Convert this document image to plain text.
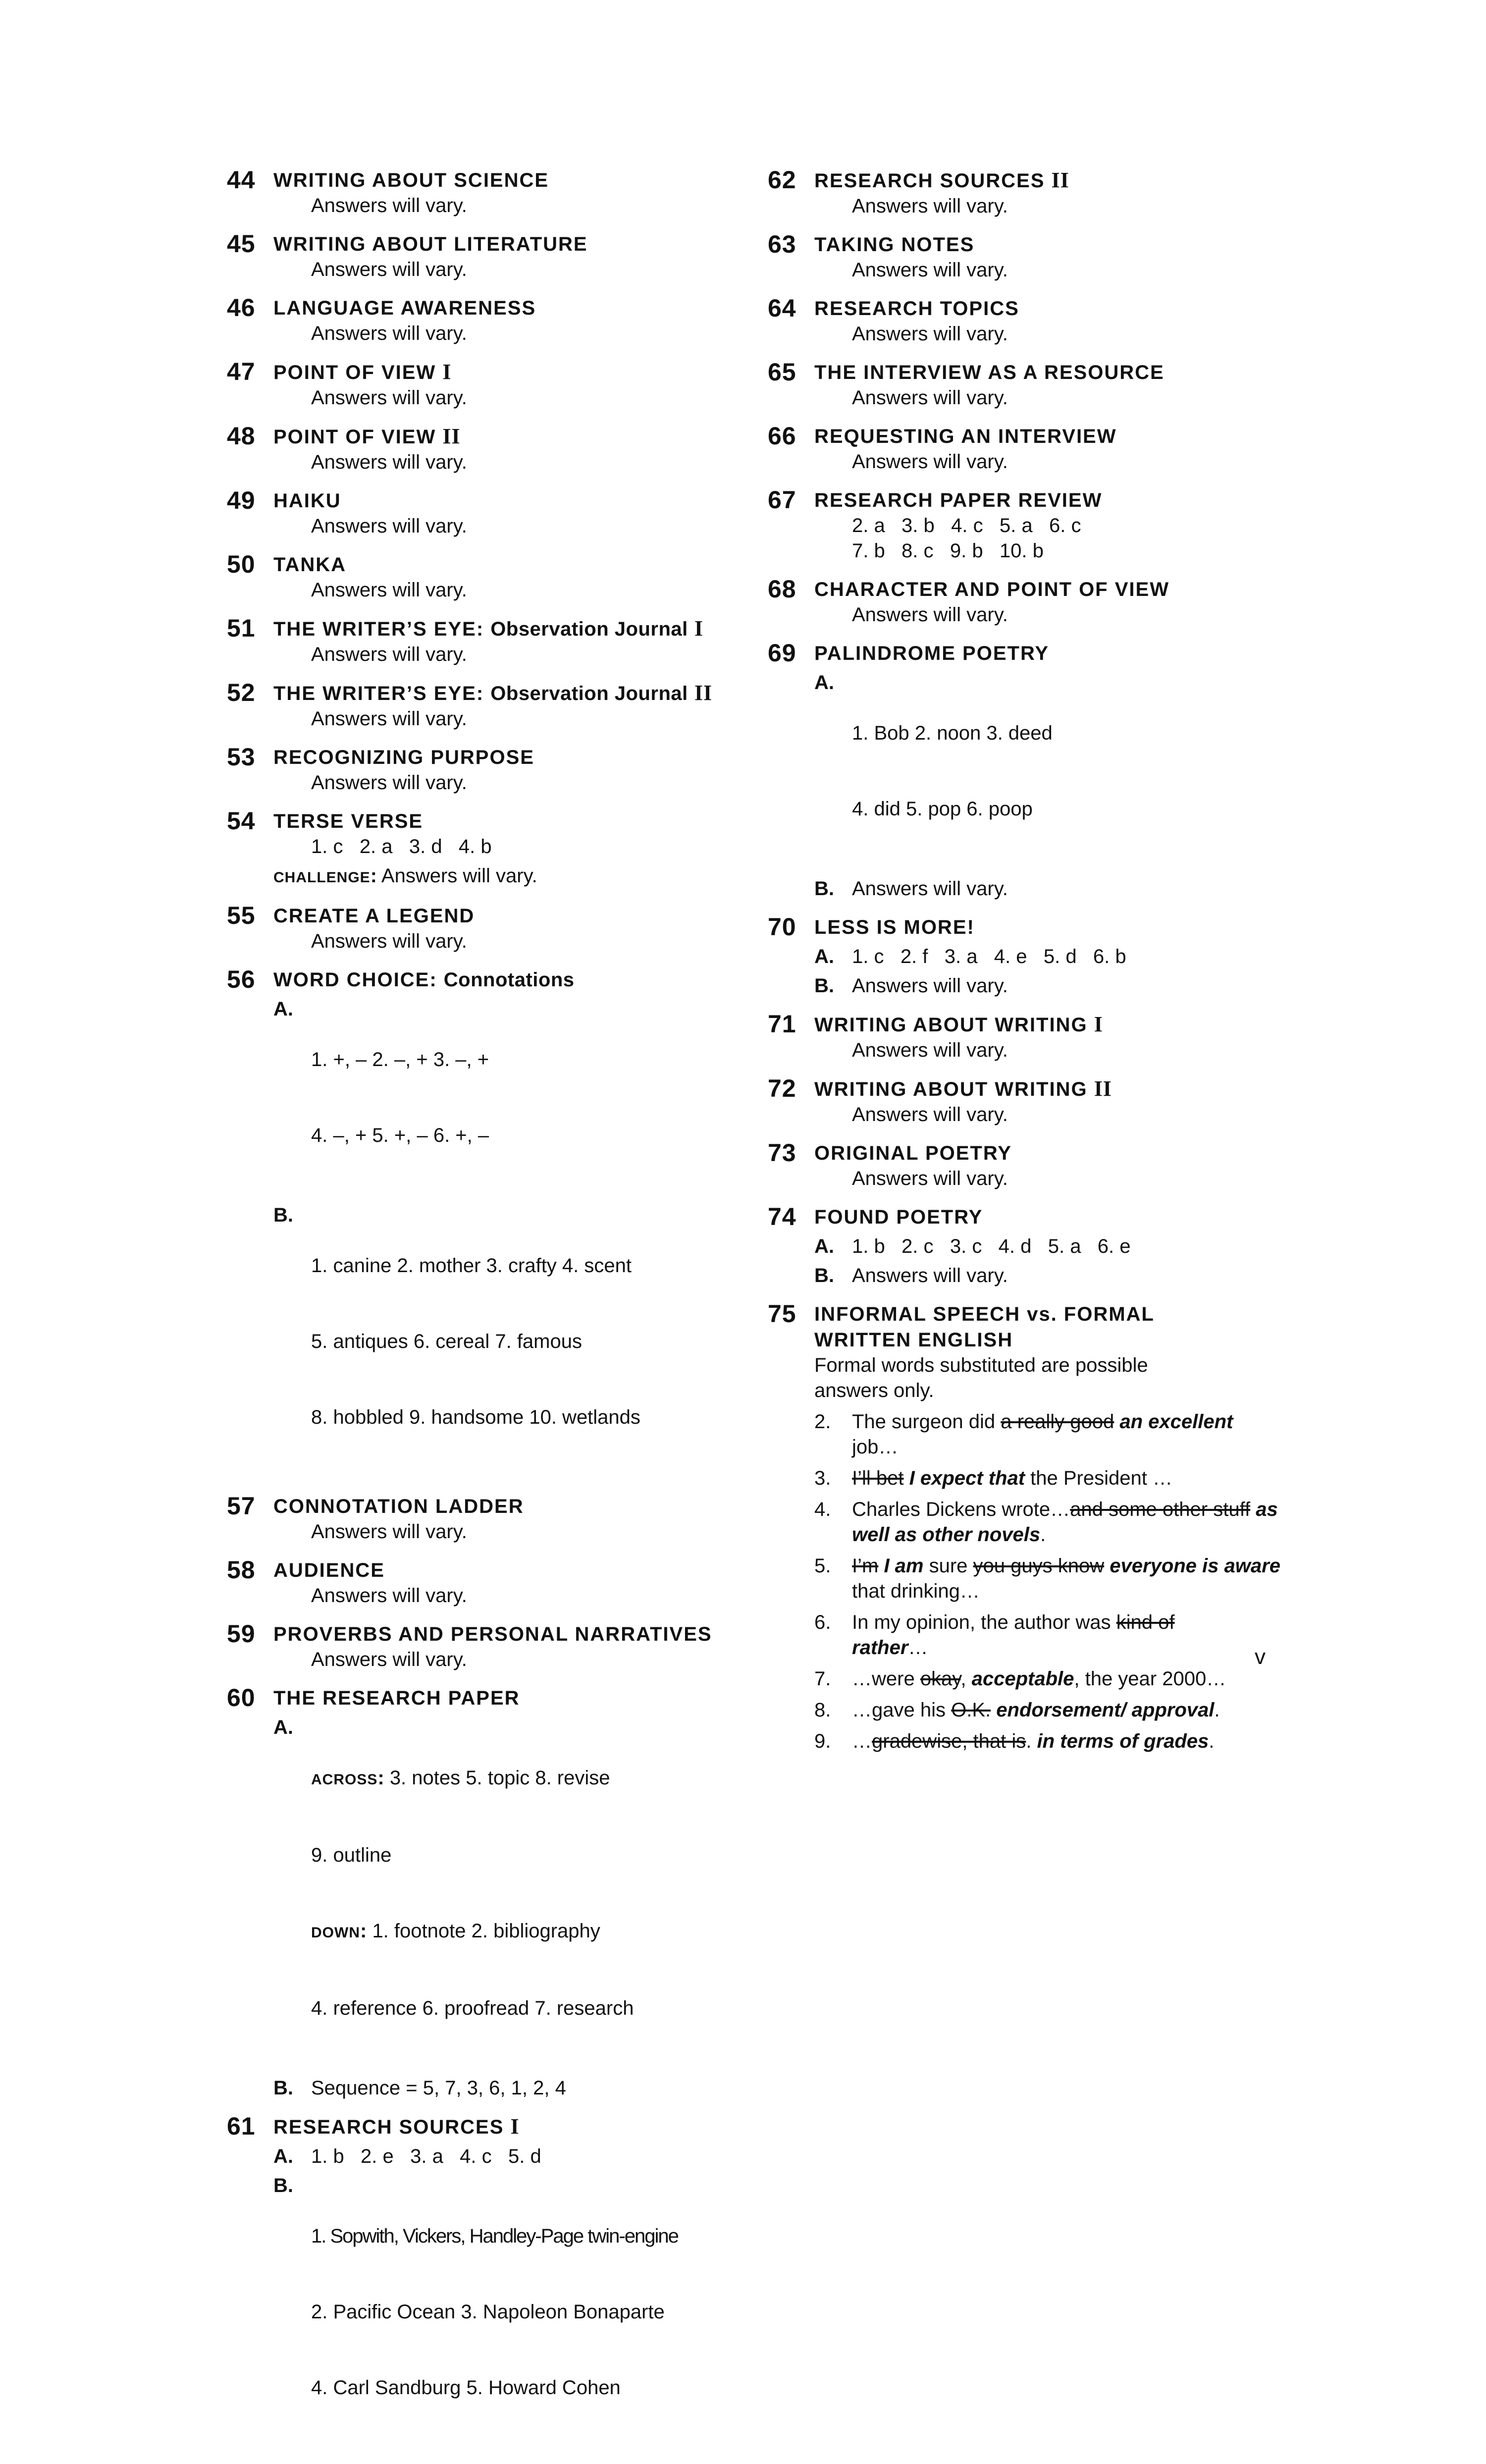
44 WRITING ABOUT SCIENCE
Answers will vary.
45 WRITING ABOUT LITERATURE
Answers will vary.
46 LANGUAGE AWARENESS
Answers will vary.
47 POINT OF VIEW I
Answers will vary.
48 POINT OF VIEW II
Answers will vary.
49 HAIKU
Answers will vary.
50 TANKA
Answers will vary.
51 THE WRITER’S EYE: Observation Journal I
Answers will vary.
52 THE WRITER’S EYE: Observation Journal II
Answers will vary.
53 RECOGNIZING PURPOSE
Answers will vary.
54 TERSE VERSE
1. c   2. a   3. d   4. b
CHALLENGE: Answers will vary.
55 CREATE A LEGEND
Answers will vary.
56 WORD CHOICE: Connotations
A.

1. +, – 2. –, + 3. –, +

4. –, + 5. +, – 6. +, –

B.

1. canine 2. mother 3. crafty 4. scent

5. antiques 6. cereal 7. famous

8. hobbled 9. handsome 10. wetlands

57 CONNOTATION LADDER
Answers will vary.
58 AUDIENCE
Answers will vary.
59 PROVERBS AND PERSONAL NARRATIVES
Answers will vary.
60 THE RESEARCH PAPER
A.

ACROSS: 3. notes 5. topic 8. revise

9. outline

DOWN: 1. footnote 2. bibliography

4. reference 6. proofread 7. research

B. Sequence = 5, 7, 3, 6, 1, 2, 4
61 RESEARCH SOURCES I
A. 1. b   2. e   3. a   4. c   5. d
B.

1. Sopwith, Vickers, Handley-Page twin-engine

2. Pacific Ocean 3. Napoleon Bonaparte

4. Carl Sandburg 5. Howard Cohen

62 RESEARCH SOURCES II
Answers will vary.
63 TAKING NOTES
Answers will vary.
64 RESEARCH TOPICS
Answers will vary.
65 THE INTERVIEW AS A RESOURCE
Answers will vary.
66 REQUESTING AN INTERVIEW
Answers will vary.
67 RESEARCH PAPER REVIEW
2. a   3. b   4. c   5. a   6. c
7. b   8. c   9. b   10. b
68 CHARACTER AND POINT OF VIEW
Answers will vary.
69 PALINDROME POETRY
A.

1. Bob 2. noon 3. deed

4. did 5. pop 6. poop

B. Answers will vary.
70 LESS IS MORE!
A. 1. c   2. f   3. a   4. e   5. d   6. b
B. Answers will vary.
71 WRITING ABOUT WRITING I
Answers will vary.
72 WRITING ABOUT WRITING II
Answers will vary.
73 ORIGINAL POETRY
Answers will vary.
74 FOUND POETRY
A. 1. b   2. c   3. c   4. d   5. a   6. e
B. Answers will vary.
75 INFORMAL SPEECH vs. FORMAL
WRITTEN ENGLISH
Formal words substituted are possible
answers only.
2. The surgeon did a really good an excellent
job…
3. I’ll bet I expect that the President …
4. Charles Dickens wrote…and some other stuff as well as other novels.
5. I’m I am sure you guys know everyone is aware that drinking…
6. In my opinion, the author was kind of
rather…
7. …were okay, acceptable, the year 2000…
8. …gave his O.K. endorsement/ approval.
9. …gradewise, that is. in terms of grades.
v
